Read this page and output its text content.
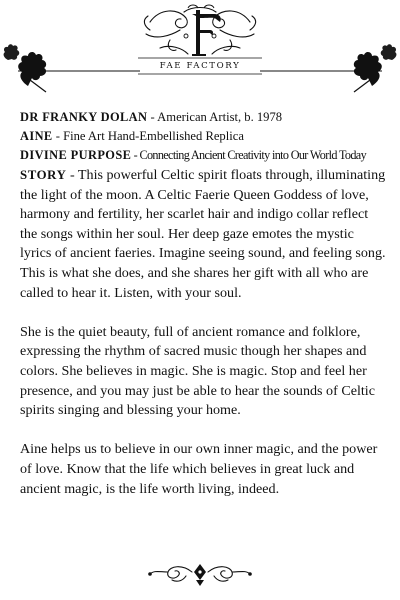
FAE FACTORY
DR FRANKY DOLAN - American Artist, b. 1978
AINE - Fine Art Hand-Embellished Replica
DIVINE PURPOSE - Connecting Ancient Creativity into Our World Today

STORY - This powerful Celtic spirit floats through, illuminating the light of the moon. A Celtic Faerie Queen Goddess of love, harmony and fertility, her scarlet hair and indigo collar reflect the songs within her soul. Her deep gaze emotes the mystic lyrics of ancient faeries. Imagine seeing sound, and feeling song. This is what she does, and she shares her gift with all who are called to hear it. Listen, with your soul.

She is the quiet beauty, full of ancient romance and folklore, expressing the rhythm of sacred music though her shapes and colors. She believes in magic. She is magic. Stop and feel her presence, and you may just be able to hear the sounds of Celtic spirits singing and blessing your home.

Aine helps us to believe in our own inner magic, and the power of love. Know that the life which believes in great luck and ancient magic, is the life worth living, indeed.
